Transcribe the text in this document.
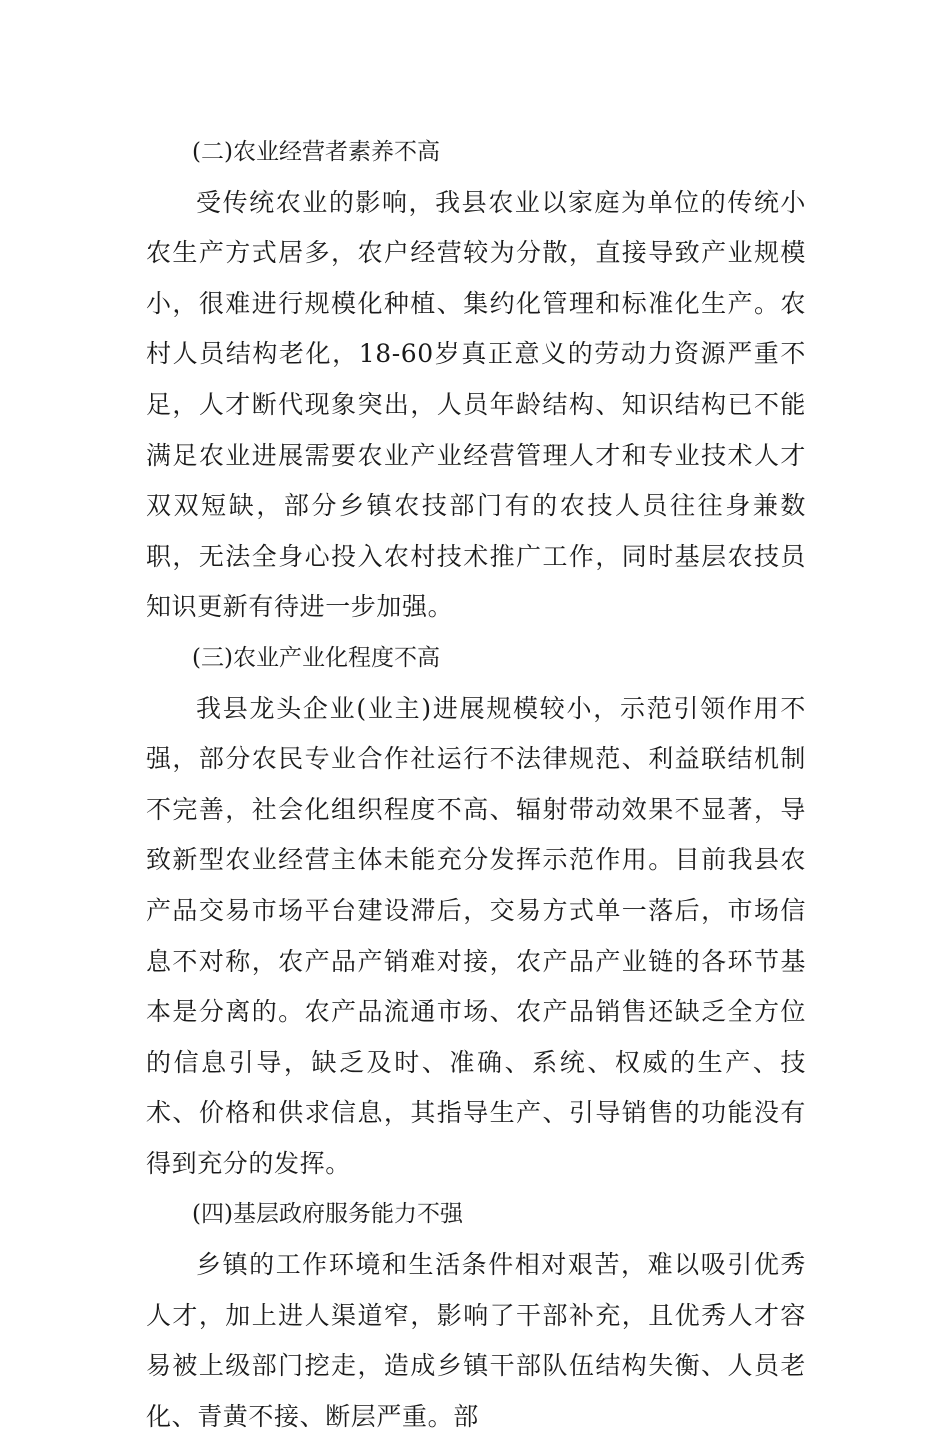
(二)农业经营者素养不高

受传统农业的影响，我县农业以家庭为单位的传统小农生产方式居多，农户经营较为分散，直接导致产业规模小，很难进行规模化种植、集约化管理和标准化生产。农村人员结构老化，18-60岁真正意义的劳动力资源严重不足，人才断代现象突出，人员年龄结构、知识结构已不能满足农业进展需要农业产业经营管理人才和专业技术人才双双短缺，部分乡镇农技部门有的农技人员往往身兼数职，无法全身心投入农村技术推广工作，同时基层农技员知识更新有待进一步加强。

(三)农业产业化程度不高

我县龙头企业(业主)进展规模较小，示范引领作用不强，部分农民专业合作社运行不法律规范、利益联结机制不完善，社会化组织程度不高、辐射带动效果不显著，导致新型农业经营主体未能充分发挥示范作用。目前我县农产品交易市场平台建设滞后，交易方式单一落后，市场信息不对称，农产品产销难对接，农产品产业链的各环节基本是分离的。农产品流通市场、农产品销售还缺乏全方位的信息引导，缺乏及时、准确、系统、权威的生产、技术、价格和供求信息，其指导生产、引导销售的功能没有得到充分的发挥。

(四)基层政府服务能力不强

乡镇的工作环境和生活条件相对艰苦，难以吸引优秀人才，加上进人渠道窄，影响了干部补充，且优秀人才容易被上级部门挖走，造成乡镇干部队伍结构失衡、人员老化、青黄不接、断层严重。部
